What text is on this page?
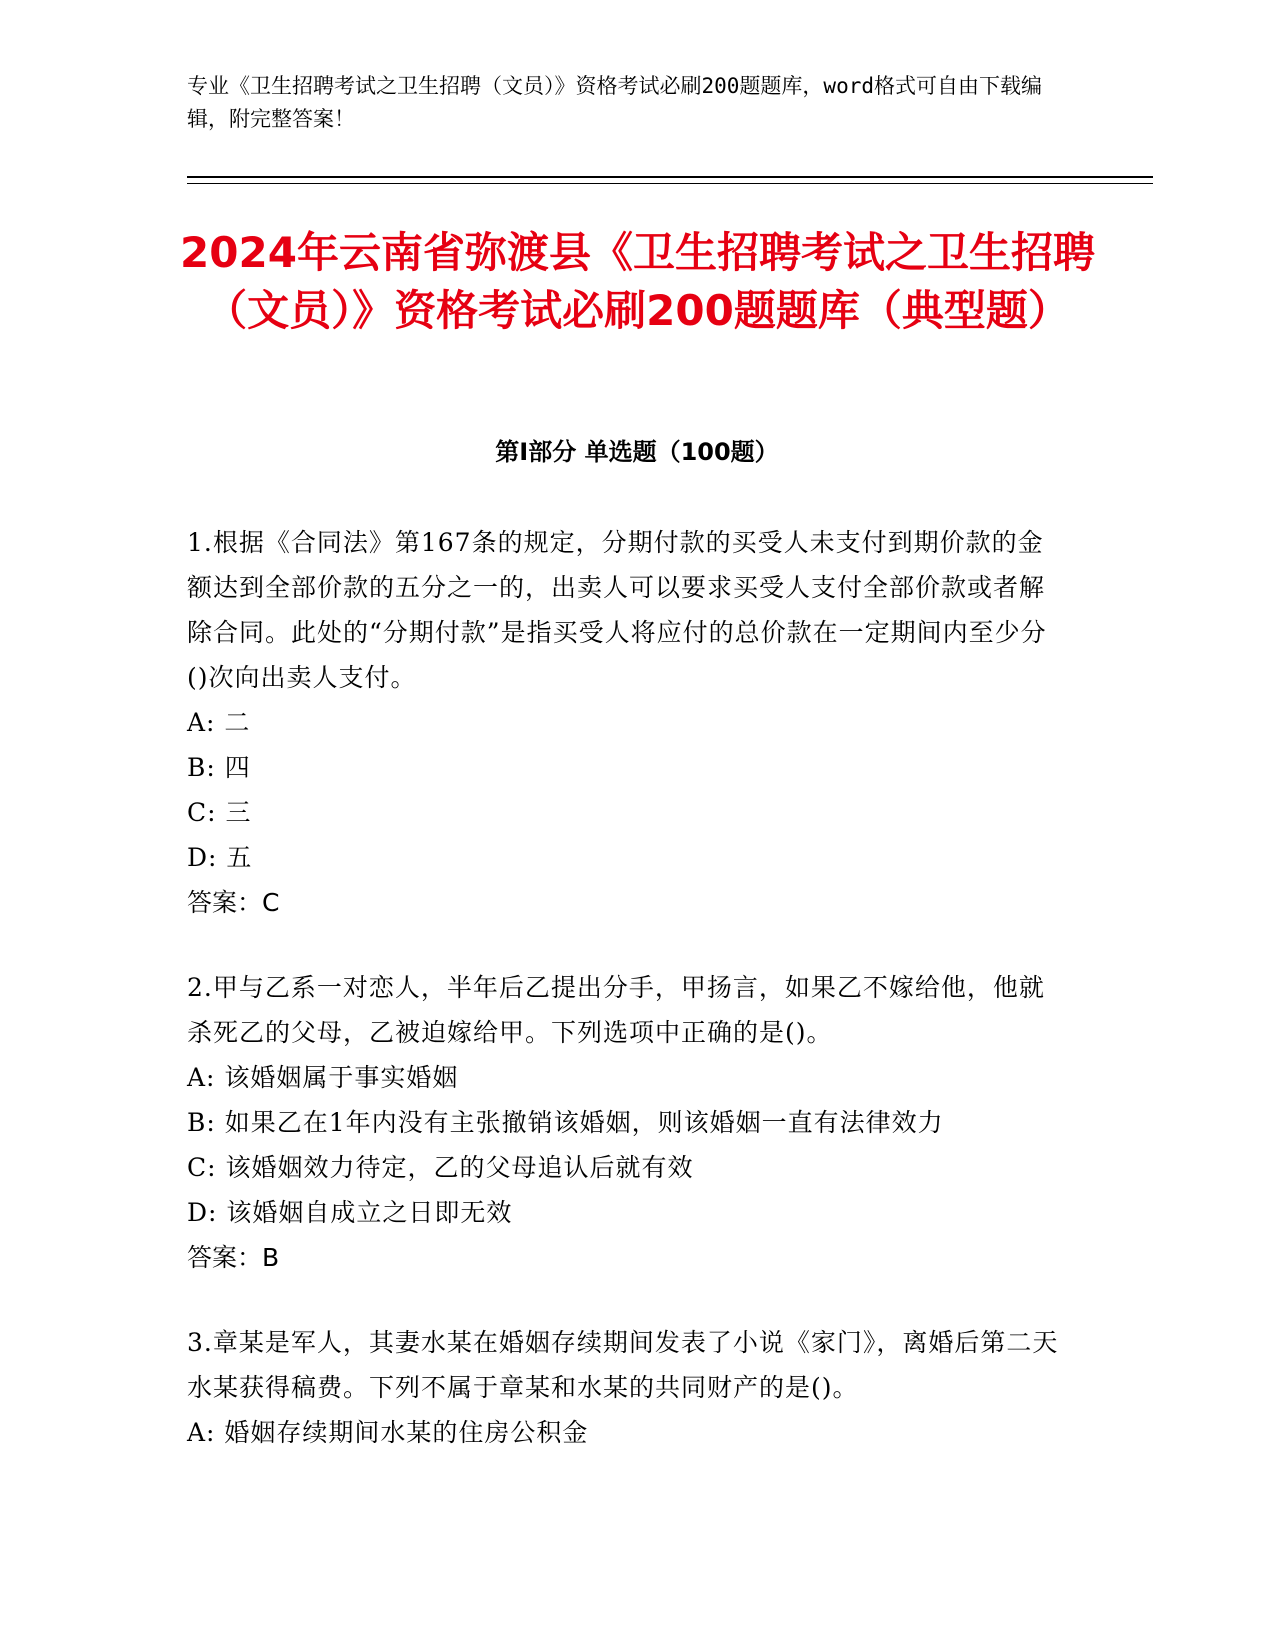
专业《卫生招聘考试之卫生招聘（文员）》资格考试必刷200题题库，word格式可自由下载编辑，附完整答案！
2024年云南省弥渡县《卫生招聘考试之卫生招聘（文员）》资格考试必刷200题题库（典型题）
第Ⅰ部分 单选题（100题）

1.根据《合同法》第167条的规定，分期付款的买受人未支付到期价款的金额达到全部价款的五分之一的，出卖人可以要求买受人支付全部价款或者解除合同。此处的“分期付款”是指买受人将应付的总价款在一定期间内至少分()次向出卖人支付。

A: 二

B: 四

C: 三

D: 五

答案：C

2.甲与乙系一对恋人，半年后乙提出分手，甲扬言，如果乙不嫁给他，他就杀死乙的父母，乙被迫嫁给甲。下列选项中正确的是()。

A: 该婚姻属于事实婚姻

B: 如果乙在1年内没有主张撤销该婚姻，则该婚姻一直有法律效力

C: 该婚姻效力待定，乙的父母追认后就有效

D: 该婚姻自成立之日即无效

答案：B

3.章某是军人，其妻水某在婚姻存续期间发表了小说《家门》，离婚后第二天水某获得稿费。下列不属于章某和水某的共同财产的是()。

A: 婚姻存续期间水某的住房公积金
